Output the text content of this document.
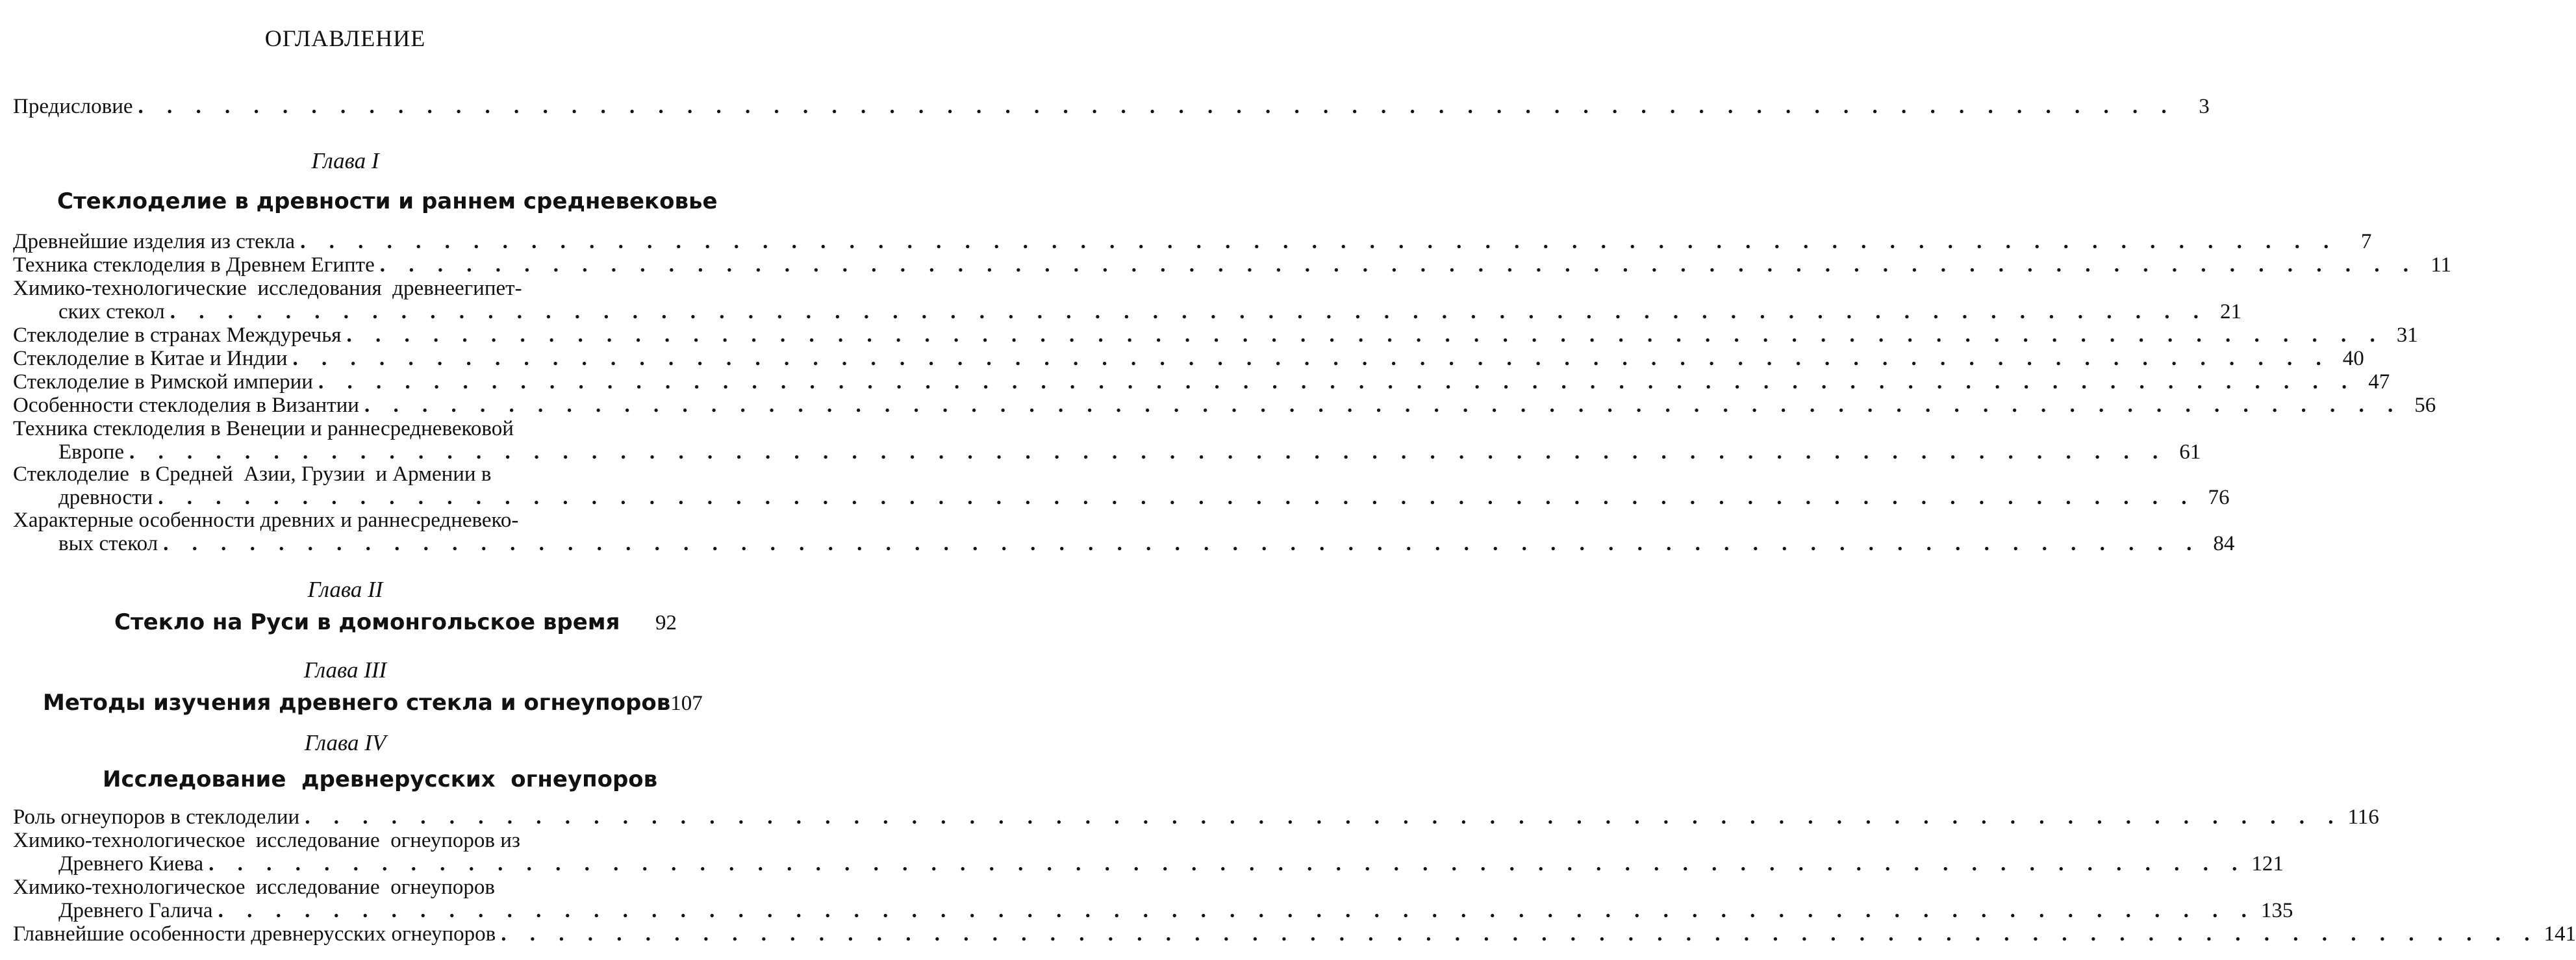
ОГЛАВЛЕНИЕ
Предисловие . . .	3
Глава I
Стеклоделие в древности и раннем средневековье
Древнейшие изделия из стекла . . .	7
Техника стеклоделия в Древнем Египте . . .	11
Химико-технологические  исследования  древнеегипет-
ских стекол . . .	21
Стеклоделие в странах Междуречья . . .	31
Стеклоделие в Китае и Индии . . .	40
Стеклоделие в Римской империи . . .	47
Особенности стеклоделия в Византии . . .	56
Техника стеклоделия в Венеции и раннесредневековой
Европе . . .	61
Стеклоделие  в Средней  Азии, Грузии  и Армении в
древности . . .	76
Характерные особенности древних и раннесредневеко-
вых стекол . . .	84
Глава II
Стекло на Руси в домонгольское время	92
Глава III
Методы изучения древнего стекла и огнеупоров 107
Глава IV
Исследование  древнерусских  огнеупоров
Роль огнеупоров в стеклоделии . . .	116
Химико-технологическое  исследование  огнеупоров из
Древнего Киева . . .	121
Химико-технологическое  исследование  огнеупоров
Древнего Галича . . .	135
Главнейшие особенности древнерусских огнеупоров . . .	141
